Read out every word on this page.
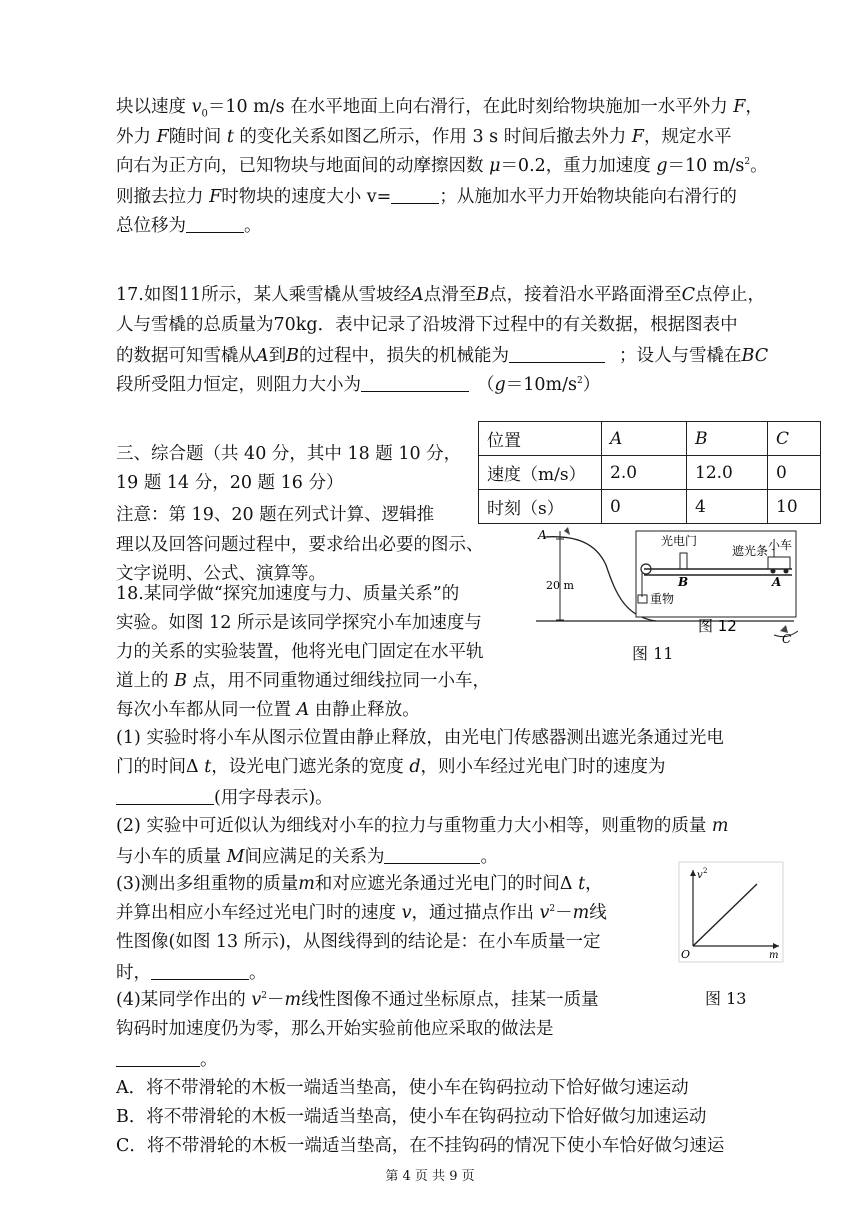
块以速度 $v_0=10$ m/s 在水平地面上向右滑行，在此时刻给物块施加一水平外力 F，
外力 F随时间 t 的变化关系如图乙所示，作用 3 s 时间后撤去外力 F，规定水平
向右为正方向，已知物块与地面间的动摩擦因数 μ＝0.2，重力加速度 g＝10 $m/s^2$。
则撤去拉力 F时物块的速度大小 v=	；从施加水平力开始物块能向右滑行的
总位移为	。
17.如图11所示，某人乘雪橇从雪坡经A点滑至B点，接着沿水平路面滑至C点停止，
人与雪橇的总质量为70kg．表中记录了沿坡滑下过程中的有关数据，根据图表中
的数据可知雪橇从A到B的过程中，损失的机械能为	；设人与雪橇在BC
段所受阻力恒定，则阻力大小为	$(g=10m/s^2)$
位置	A	B	C
速度（m/s）	2.0	12.0	0
时刻（s）	0	4	10
三、综合题（共 40 分，其中 18 题 10 分，
19 题 14 分，20 题 16 分）
注意：第 19、20 题在列式计算、逻辑推
理以及回答问题过程中，要求给出必要的图示、
文字说明、公式、演算等。
18.某同学做“探究加速度与力、质量关系”的
实验。如图 12 所示是该同学探究小车加速度与
力的关系的实验装置，他将光电门固定在水平轨
道上的 B 点，用不同重物通过细线拉同一小车，
每次小车都从同一位置 A 由静止释放。
A
20 m
光电门
遮光条 小车
B	A
重物
图 12
C
图 11
(1) 实验时将小车从图示位置由静止释放，由光电门传感器测出遮光条通过光电
门的时间Δ t，设光电门遮光条的宽度 d，则小车经过光电门时的速度为
(用字母表示)。
(2) 实验中可近似认为细线对小车的拉力与重物重力大小相等，则重物的质量 m
与小车的质量 M间应满足的关系为	。
(3)测出多组重物的质量m和对应遮光条通过光电门的时间Δ t，
并算出相应小车经过光电门时的速度 v，通过描点作出 $v^2-m$线
性图像(如图 13 所示)，从图线得到的结论是：在小车质量一定
时，	。
(4)某同学作出的 $v^2-m$线性图像不通过坐标原点，挂某一质量
钩码时加速度仍为零，那么开始实验前他应采取的做法是
。
A．将不带滑轮的木板一端适当垫高，使小车在钩码拉动下恰好做匀速运动
B．将不带滑轮的木板一端适当垫高，使小车在钩码拉动下恰好做匀加速运动
C．将不带滑轮的木板一端适当垫高，在不挂钩码的情况下使小车恰好做匀速运
v 2
O	m
图 13
第 4 页 共 9 页
